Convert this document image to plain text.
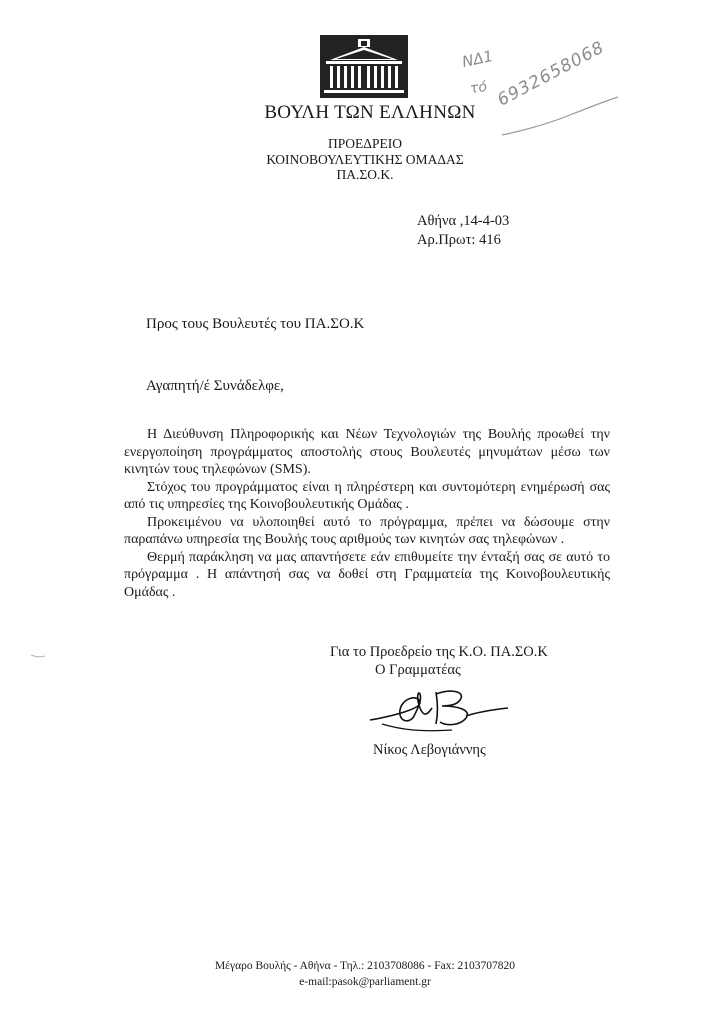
ΒΟΥΛΗ ΤΩΝ ΕΛΛΗΝΩΝ
ΠΡΟΕΔΡΕΙΟ
ΚΟΙΝΟΒΟΥΛΕΥΤΙΚΗΣ ΟΜΑΔΑΣ
ΠΑ.ΣΟ.Κ.
ΝΔ1
τό 6932658068
Αθήνα ,14-4-03
Αρ.Πρωτ: 416
Προς τους Βουλευτές του ΠΑ.ΣΟ.Κ
Αγαπητή/έ Συνάδελφε,

Η Διεύθυνση Πληροφορικής και Νέων Τεχνολογιών της Βουλής προωθεί την ενεργοποίηση προγράμματος αποστολής στους Βουλευτές μηνυμάτων μέσω των κινητών τους τηλεφώνων (SMS).

Στόχος του προγράμματος είναι η πληρέστερη και συντομότερη ενημέρωσή σας από τις υπηρεσίες της Κοινοβουλευτικής Ομάδας .

Προκειμένου να υλοποιηθεί αυτό το πρόγραμμα, πρέπει να δώσουμε στην παραπάνω υπηρεσία της Βουλής τους αριθμούς των κινητών σας τηλεφώνων .

Θερμή παράκληση να μας απαντήσετε εάν επιθυμείτε την ένταξή σας σε αυτό το πρόγραμμα . Η απάντησή σας να δοθεί στη Γραμματεία της Κοινοβουλευτικής Ομάδας .

Για το Προεδρείο της Κ.Ο. ΠΑ.ΣΟ.Κ
Ο Γραμματέας
Νίκος Λεβογιάννης
Μέγαρο Βουλής - Αθήνα - Τηλ.: 2103708086 - Fax: 2103707820
e-mail:pasok@parliament.gr
